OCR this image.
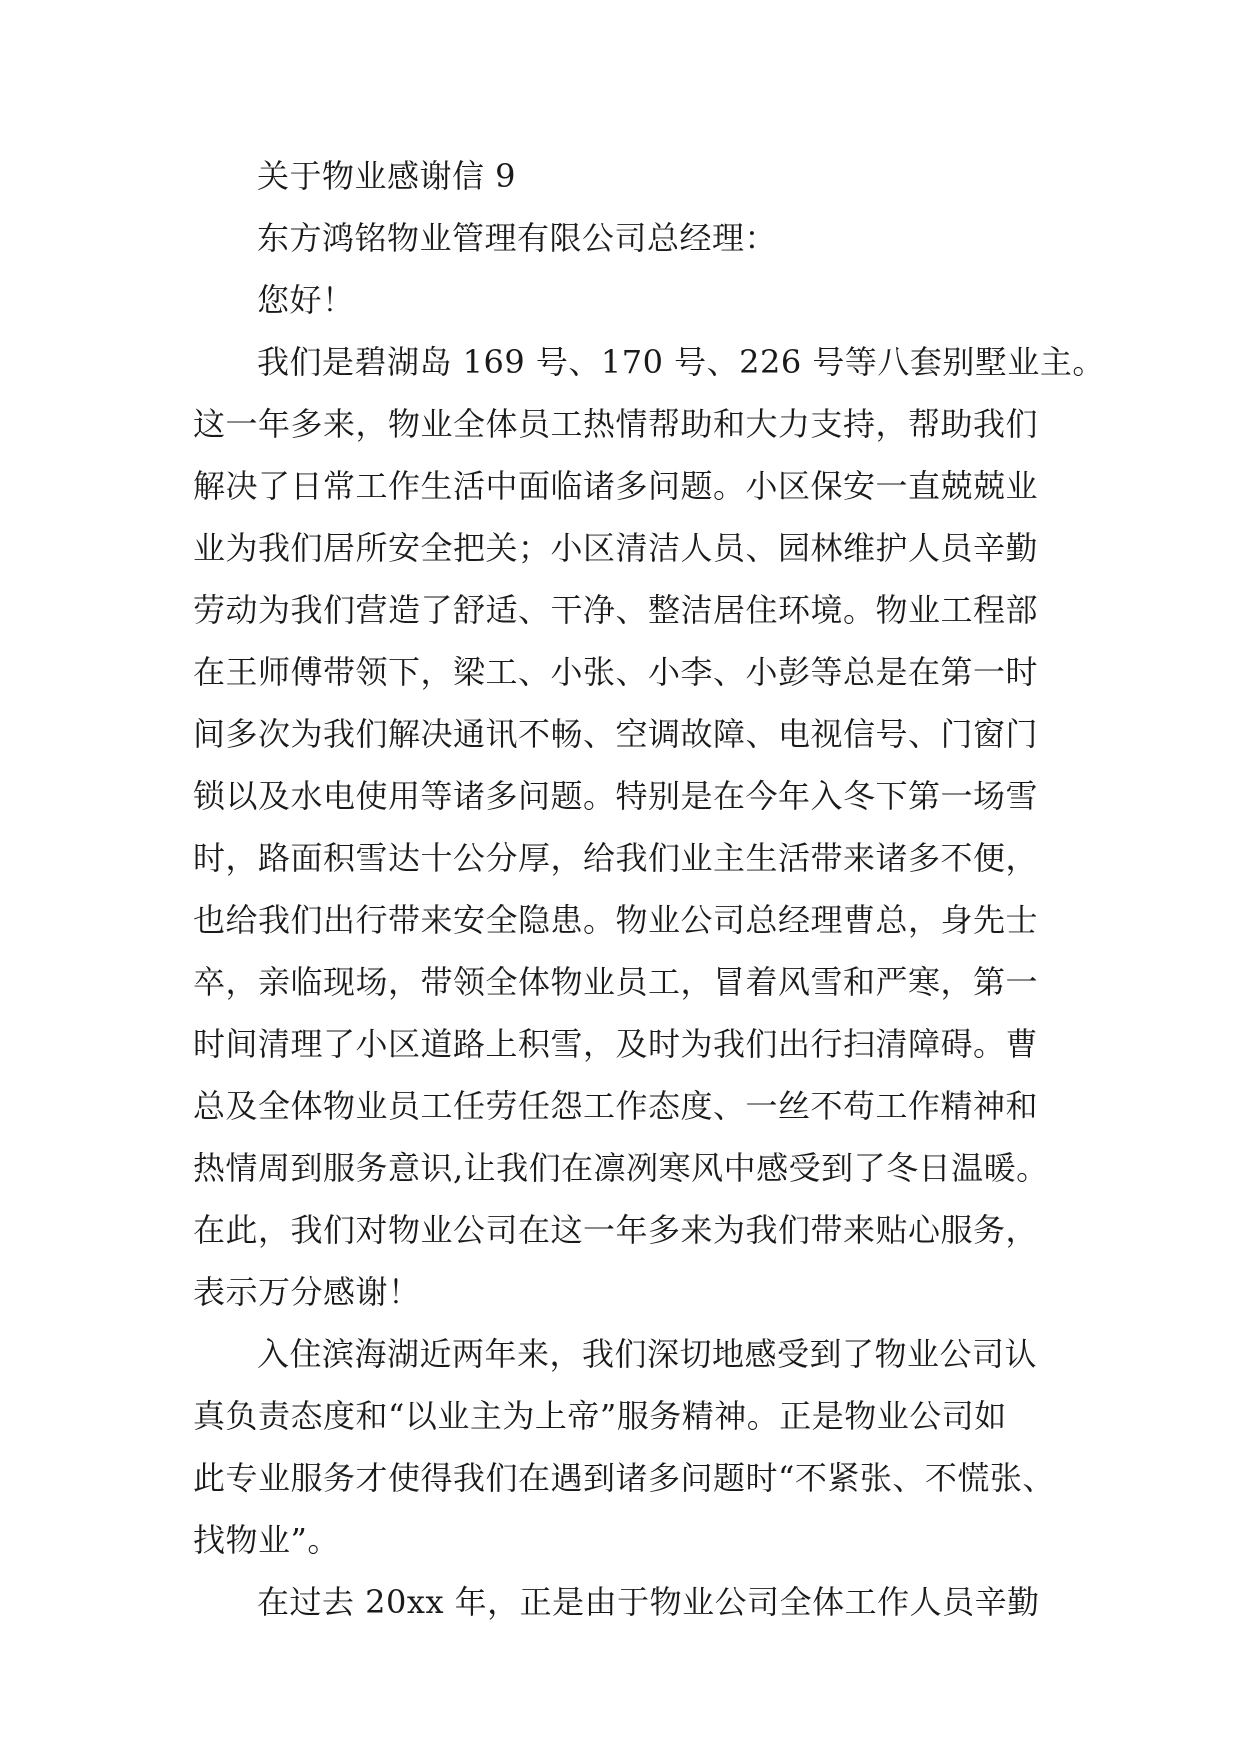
关于物业感谢信 9
东方鸿铭物业管理有限公司总经理：
您好！
我们是碧湖岛 169 号、170 号、226 号等八套别墅业主。
这一年多来，物业全体员工热情帮助和大力支持，帮助我们
解决了日常工作生活中面临诸多问题。小区保安一直兢兢业
业为我们居所安全把关；小区清洁人员、园林维护人员辛勤
劳动为我们营造了舒适、干净、整洁居住环境。物业工程部
在王师傅带领下，梁工、小张、小李、小彭等总是在第一时
间多次为我们解决通讯不畅、空调故障、电视信号、门窗门
锁以及水电使用等诸多问题。特别是在今年入冬下第一场雪
时，路面积雪达十公分厚，给我们业主生活带来诸多不便，
也给我们出行带来安全隐患。物业公司总经理曹总，身先士
卒，亲临现场，带领全体物业员工，冒着风雪和严寒，第一
时间清理了小区道路上积雪，及时为我们出行扫清障碍。曹
总及全体物业员工任劳任怨工作态度、一丝不苟工作精神和
热情周到服务意识,让我们在凛冽寒风中感受到了冬日温暖。
在此，我们对物业公司在这一年多来为我们带来贴心服务，
表示万分感谢！
入住滨海湖近两年来，我们深切地感受到了物业公司认
真负责态度和“以业主为上帝”服务精神。正是物业公司如
此专业服务才使得我们在遇到诸多问题时“不紧张、不慌张、
找物业”。
在过去 20xx 年，正是由于物业公司全体工作人员辛勤
